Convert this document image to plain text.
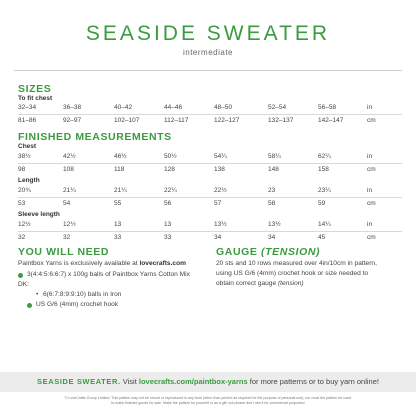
SEASIDE SWEATER
intermediate
SIZES
To fit chest
32–34	36–38	40–42	44–46	48–50	52–54	56–58	in
81–86	92–97	102–107	112–117	122–127	132–137	142–147	cm
FINISHED MEASUREMENTS
Chest
38½	42½	46½	50½	54¼	58¼	62¼	in
98	108	118	128	138	148	158	cm
Length
20¾	21¼	21¼	22¼	22½	23	23¼	in
53	54	55	56	57	58	59	cm
Sleeve length
12½	12½	13	13	13½	13½	14¼	in
32	32	33	33	34	34	45	cm
YOU WILL NEED
Paintbox Yarns is exclusively available at lovecrafts.com
3(4:4:5:6:6:7) x 100g balls of Paintbox Yarns Cotton Mix
DK:
• 6(6:7:8:9:9:10) balls in Iron
US G/6 (4mm) crochet hook
GAUGE (TENSION)
20 sts and 10 rows measured over 4in/10cm in pattern,
using US G/6 (4mm) crochet hook or size needed to
obtain correct gauge (tension)
SEASIDE SWEATER. Visit lovecrafts.com/paintbox-yarns for more patterns or to buy yarn online!
© LoveCrafts Group Limited. This pattern may not be resold or reproduced in any form (other than printed as required for the purpose of personal use), nor must the pattern be used
to make finished goods for sale. Make the pattern for yourself or as a gift, but please don't use it for commercial purposes!
